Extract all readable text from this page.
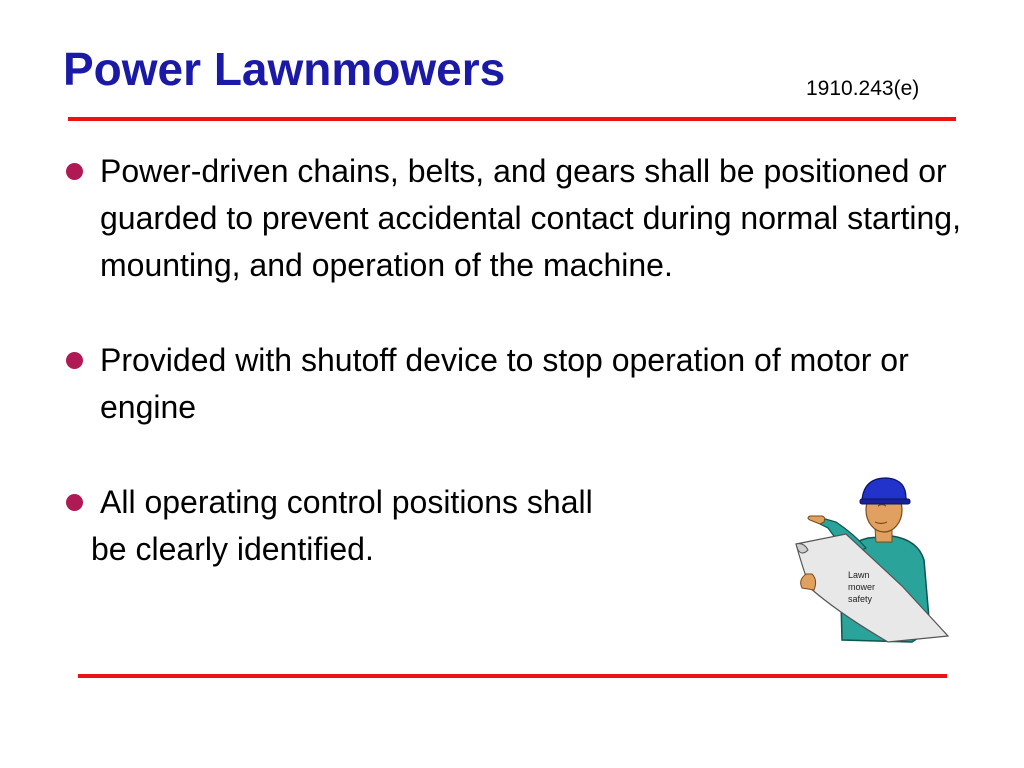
Power Lawnmowers	1910.243(e)
Power-driven chains, belts, and gears shall be positioned or guarded to prevent accidental contact during normal starting, mounting, and operation of the machine.
Provided with shutoff device to stop operation of motor or engine
All operating control positions shall
be clearly identified.
Lawn
mower
safety
